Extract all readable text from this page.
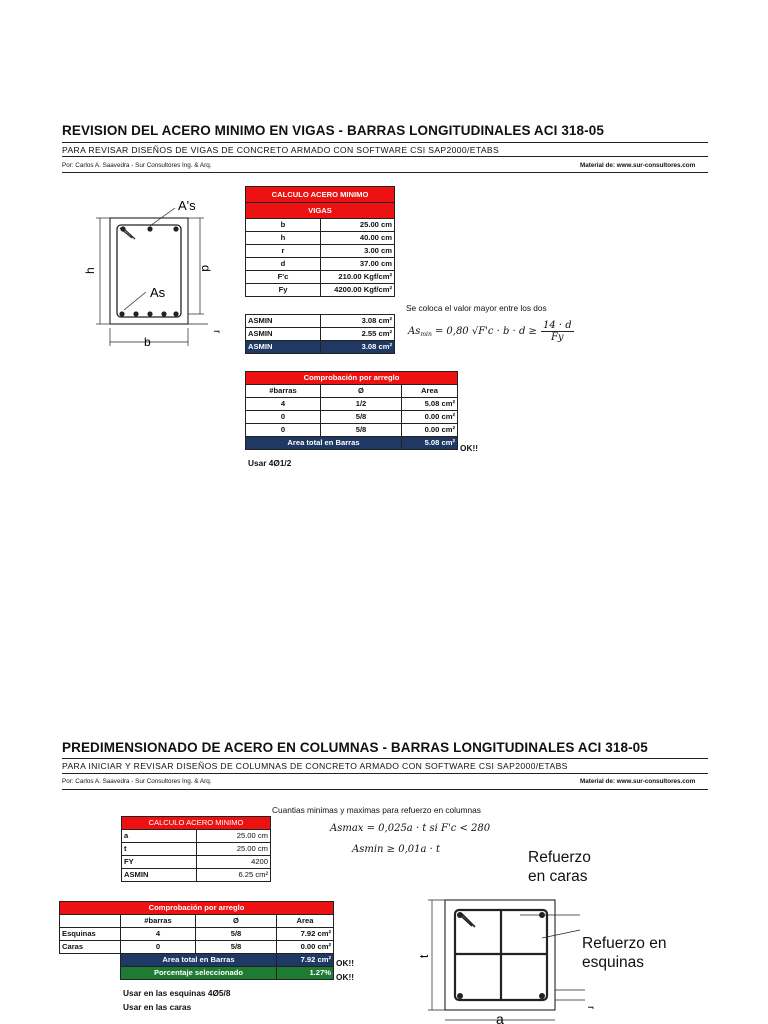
REVISION DEL ACERO MINIMO EN VIGAS - BARRAS LONGITUDINALES ACI 318-05
PARA REVISAR DISEÑOS DE VIGAS DE CONCRETO ARMADO CON SOFTWARE CSI SAP2000/ETABS
Por: Carlos A. Saavedra - Sur Consultores Ing. & Arq.	Material de: www.sur-consultores.com
A's
As
h	d
b
r
CALCULO ACERO MINIMO	
VIGAS	
b	25.00 cm
h	40.00 cm
r	3.00 cm
d	37.00 cm
F'c	210.00 Kgf/cm²
Fy	4200.00 Kgf/cm²
Se coloca el valor mayor entre los dos
ASMIN	3.08 cm²
ASMIN	2.55 cm²
ASMIN	3.08 cm²
As min = 0,80 $√F'c \cdot b \cdot d \ge \frac{14 \cdot d}{Fy}$
Comprobación por arreglo		
#barras	Ø	Area
4	1/2	5.08 cm²
0	5/8	0.00 cm²
0	5/8	0.00 cm²
Area total en Barras		5.08 cm²
OK!!
Usar 4Ø1/2
PREDIMENSIONADO DE ACERO EN COLUMNAS - BARRAS LONGITUDINALES ACI 318-05
PARA INICIAR Y REVISAR DISEÑOS DE COLUMNAS DE CONCRETO ARMADO CON SOFTWARE CSI SAP2000/ETABS
Por: Carlos A. Saavedra - Sur Consultores Ing. & Arq.	Material de: www.sur-consultores.com
Cuantias minimas y maximas para refuerzo en columnas
Asmax = 0,025a · t si F'c < 280
Asmin ≥ 0,01a · t
CALCULO ACERO MINIMO	
a	25.00 cm
t	25.00 cm
FY	4200
ASMIN	6.25 cm²
Comprobación por arreglo			
	#barras	Ø	Area
Esquinas	4	5/8	7.92 cm²
Caras	0	5/8	0.00 cm²
	Area total en Barras		7.92 cm²
	Porcentaje seleccionado		1.27%
OK!!
OK!!
Usar en las esquinas 4Ø5/8
Usar en las caras
t
a
r
Refuerzo
en caras
Refuerzo en
esquinas
